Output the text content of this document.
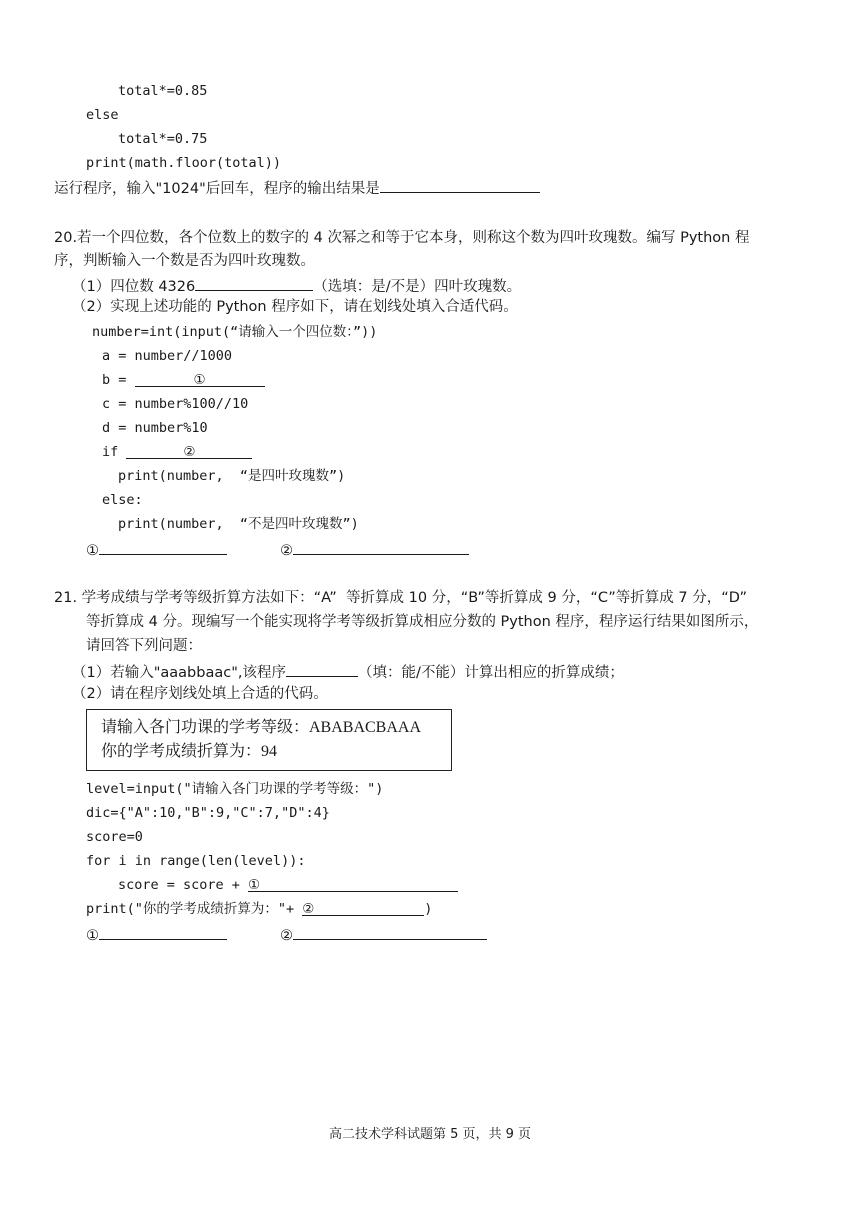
total*=0.85
else
total*=0.75
print(math.floor(total))
运行程序，输入"1024"后回车，程序的输出结果是
20.若一个四位数，各个位数上的数字的 4 次幂之和等于它本身，则称这个数为四叶玫瑰数。编写 Python 程
序，判断输入一个数是否为四叶玫瑰数。
（1）四位数 4326	（选填：是/不是）四叶玫瑰数。
（2）实现上述功能的 Python 程序如下，请在划线处填入合适代码。
number=int(input(“请输入一个四位数：”))
a = number//1000
b =	①
c = number%100//10
d = number%10
if	②
print(number,  “是四叶玫瑰数”)
else:
print(number,  “不是四叶玫瑰数”)
①	②
21. 学考成绩与学考等级折算方法如下：“A”  等折算成 10 分，“B”等折算成 9 分，“C”等折算成 7 分，“D”
等折算成 4 分。现编写一个能实现将学考等级折算成相应分数的 Python 程序，程序运行结果如图所示，
请回答下列问题：
（1）若输入"aaabbaac",该程序	（填：能/不能）计算出相应的折算成绩；
（2）请在程序划线处填上合适的代码。
请输入各门功课的学考等级：ABABACBAAA
你的学考成绩折算为：94
level=input("请输入各门功课的学考等级：")
dic={"A":10,"B":9,"C":7,"D":4}
score=0
for i in range(len(level)):
score = score + ①
print("你的学考成绩折算为："+ ②	)
①	②
高二技术学科试题第 5 页，共 9 页
